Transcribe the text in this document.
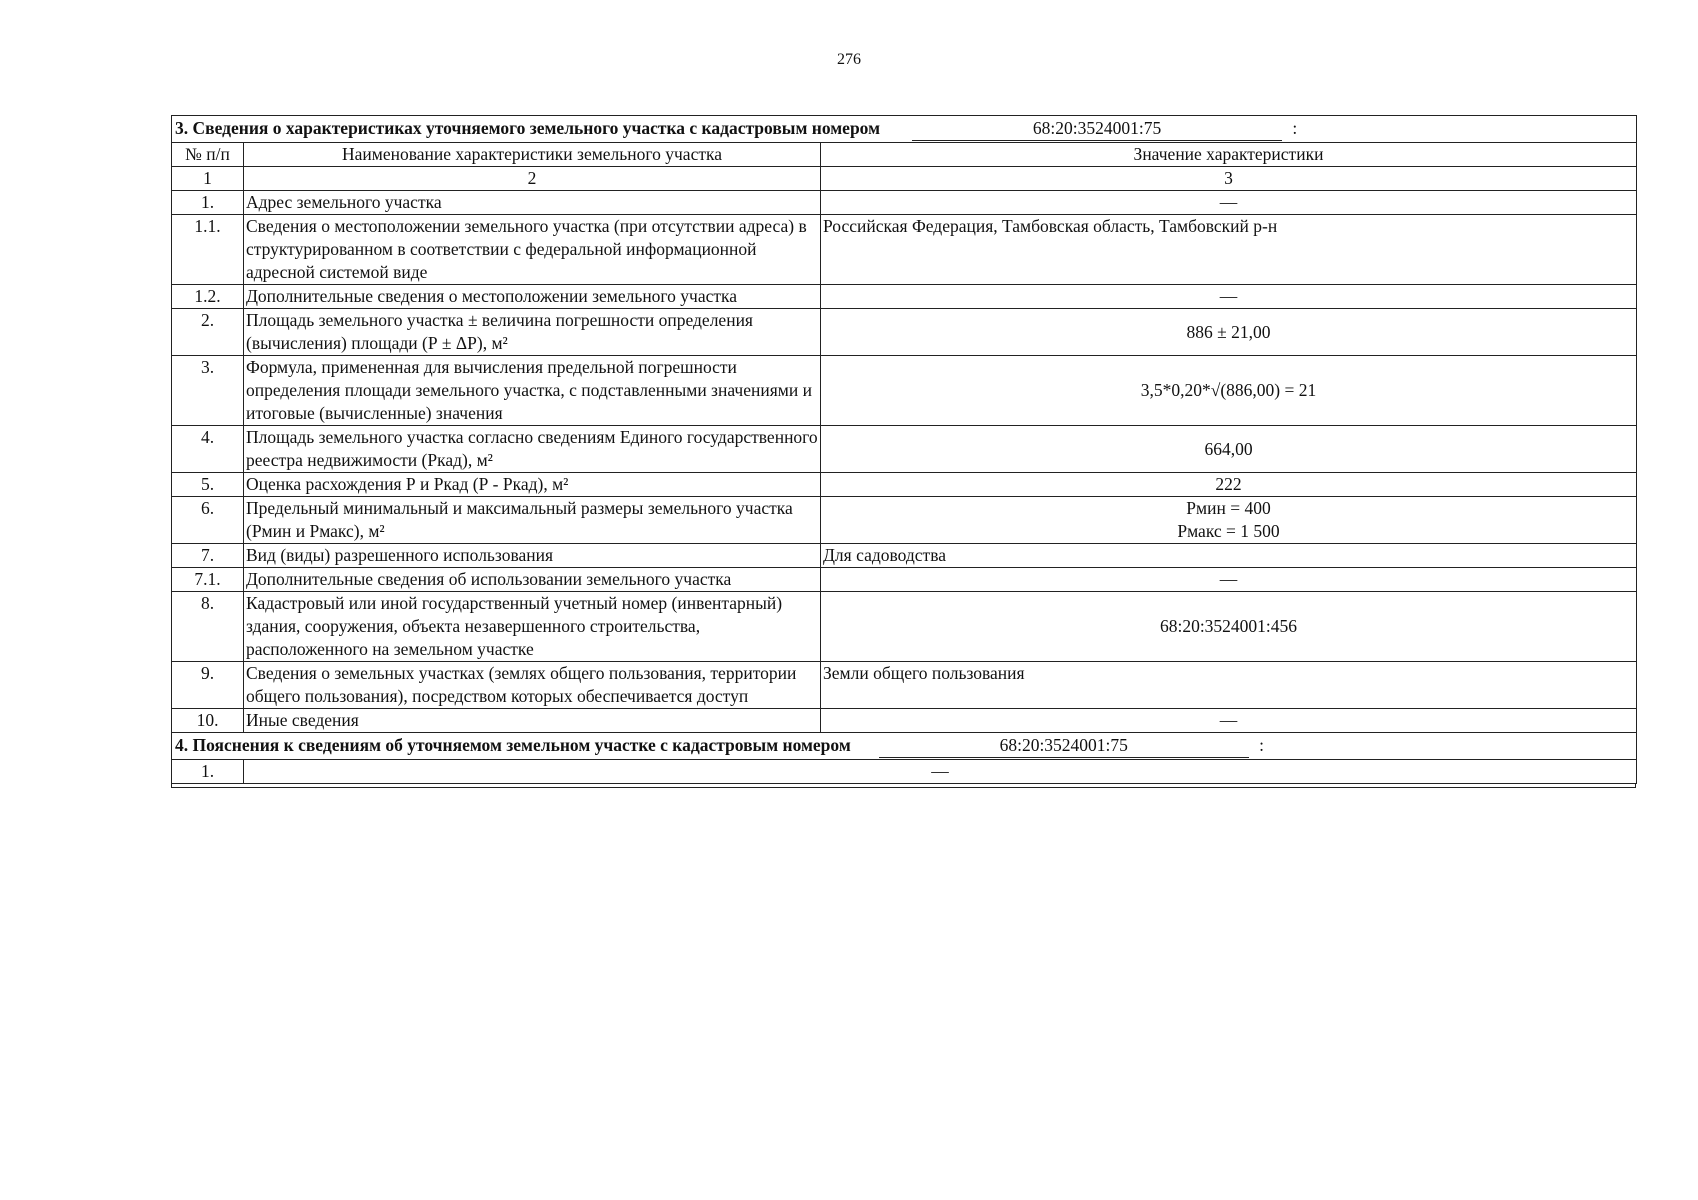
276
3. Сведения о характеристиках уточняемого земельного участка с кадастровым номером 68:20:3524001:75 :		
№ п/п	Наименование характеристики земельного участка	Значение характеристики
1	2	3
1.	Адрес земельного участка	—
1.1.	Сведения о местоположении земельного участка (при отсутствии адреса) в структурированном в соответствии с федеральной информационной адресной системой виде	Российская Федерация, Тамбовская область, Тамбовский р-н
1.2.	Дополнительные сведения о местоположении земельного участка	—
2.	Площадь земельного участка ± величина погрешности определения (вычисления) площади (Р ± ΔР), м²	886 ± 21,00
3.	Формула, примененная для вычисления предельной погрешности определения площади земельного участка, с подставленными значениями и итоговые (вычисленные) значения	3,5*0,20*√(886,00) = 21
4.	Площадь земельного участка согласно сведениям Единого государственного реестра недвижимости (Ркад), м²	664,00
5.	Оценка расхождения Р и Ркад (Р - Ркад), м²	222
6.	Предельный минимальный и максимальный размеры земельного участка (Рмин и Рмакс), м²	Рмин = 400
Рмакс = 1 500

7.	Вид (виды) разрешенного использования	Для садоводства
7.1.	Дополнительные сведения об использовании земельного участка	—
8.	Кадастровый или иной государственный учетный номер (инвентарный) здания, сооружения, объекта незавершенного строительства, расположенного на земельном участке	68:20:3524001:456
9.	Сведения о земельных участках (землях общего пользования, территории общего пользования), посредством которых обеспечивается доступ	Земли общего пользования
10.	Иные сведения	—
4. Пояснения к сведениям об уточняемом земельном участке с кадастровым номером 68:20:3524001:75 :		
1.	—	
